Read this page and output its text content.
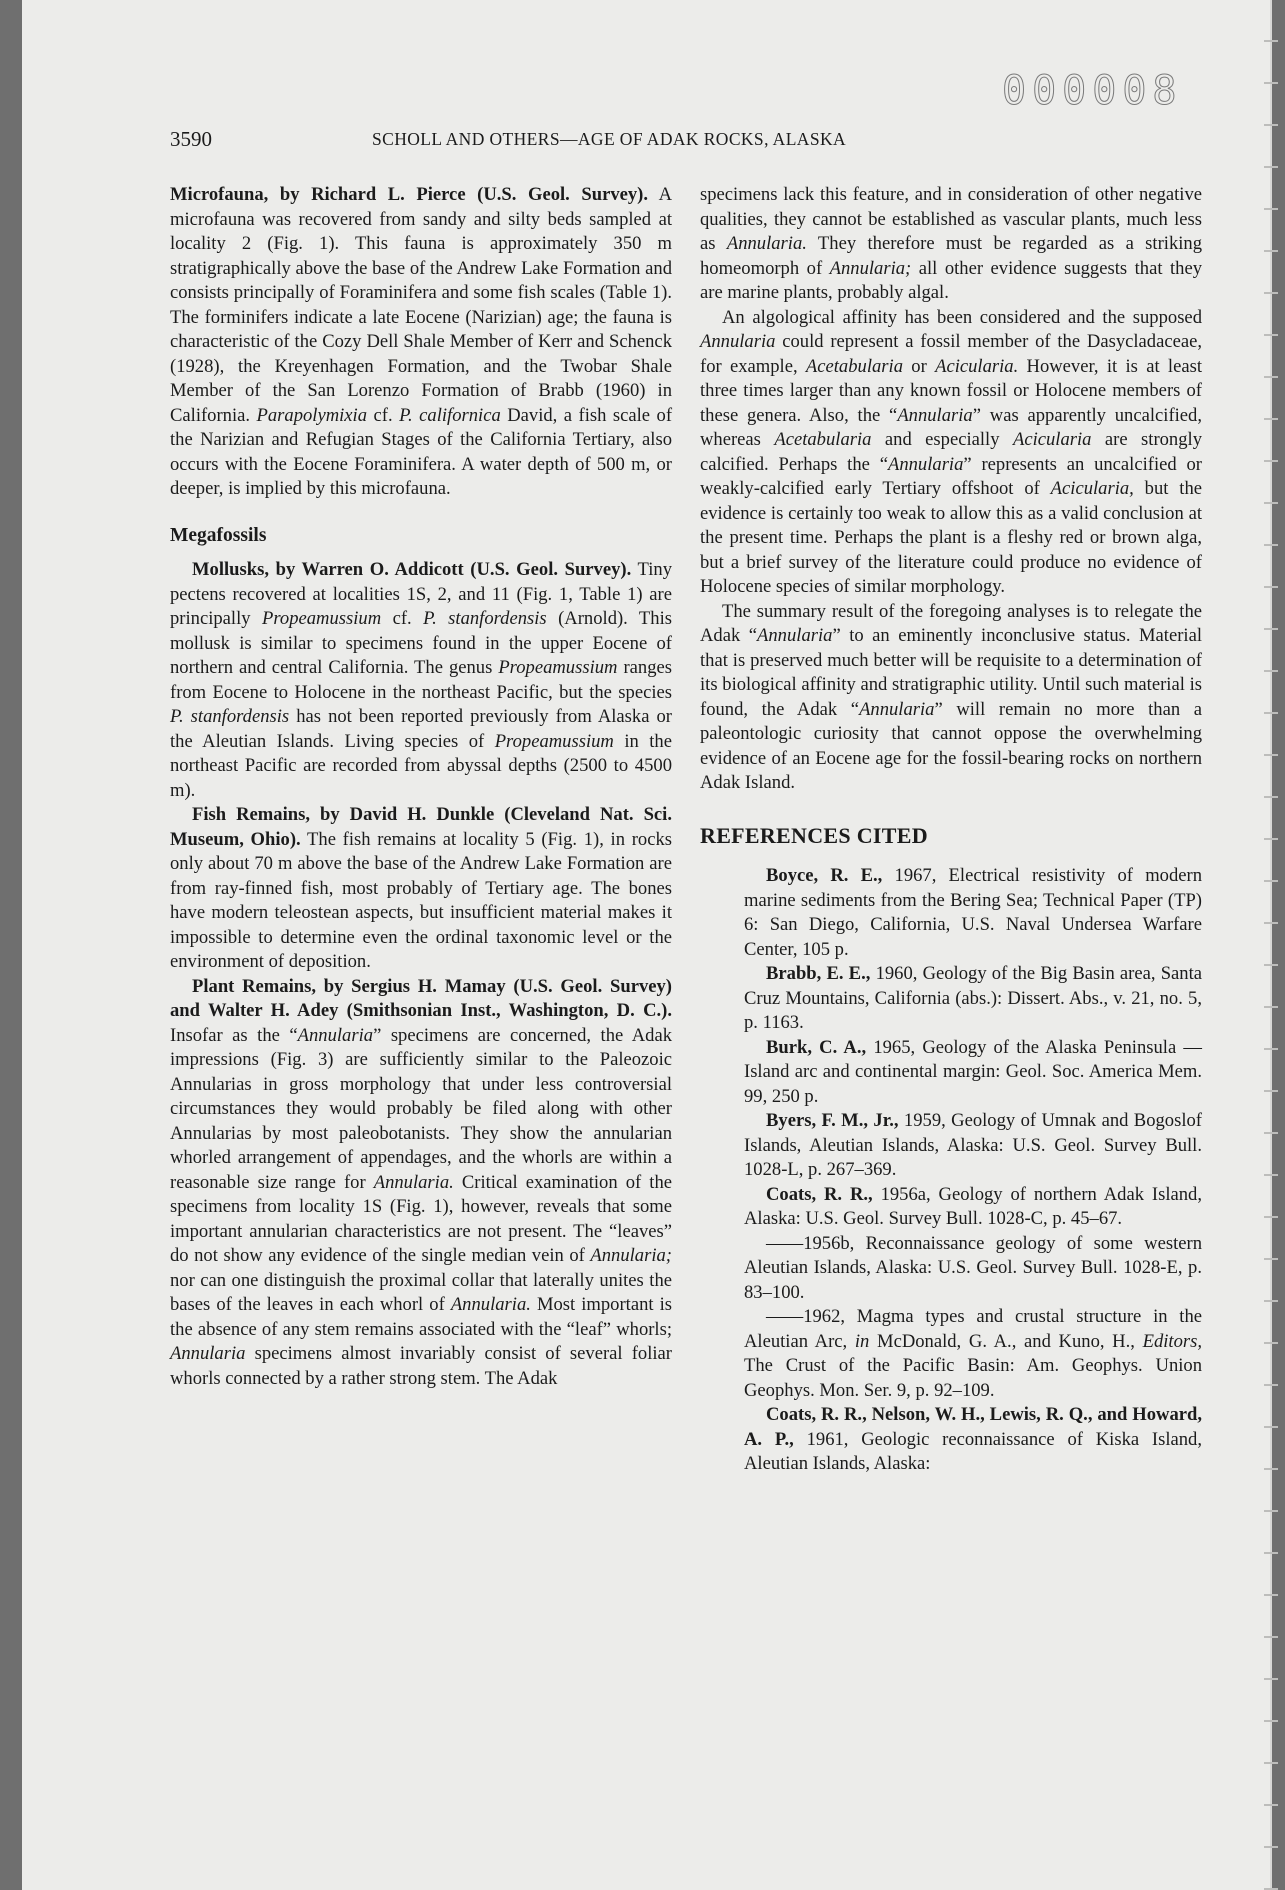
000008
3590	SCHOLL AND OTHERS—AGE OF ADAK ROCKS, ALASKA

Microfauna, by Richard L. Pierce (U.S. Geol. Survey). A microfauna was recovered from sandy and silty beds sampled at locality 2 (Fig. 1). This fauna is approximately 350 m stratigraphically above the base of the Andrew Lake Formation and consists principally of Foraminifera and some fish scales (Table 1). The forminifers indicate a late Eocene (Narizian) age; the fauna is characteristic of the Cozy Dell Shale Member of Kerr and Schenck (1928), the Kreyenhagen Formation, and the Twobar Shale Member of the San Lorenzo Formation of Brabb (1960) in California. Parapolymixia cf. P. californica David, a fish scale of the Narizian and Refugian Stages of the California Tertiary, also occurs with the Eocene Foraminifera. A water depth of 500 m, or deeper, is implied by this microfauna.

Megafossils

Mollusks, by Warren O. Addicott (U.S. Geol. Survey). Tiny pectens recovered at localities 1S, 2, and 11 (Fig. 1, Table 1) are principally Propeamussium cf. P. stanfordensis (Arnold). This mollusk is similar to specimens found in the upper Eocene of northern and central California. The genus Propeamussium ranges from Eocene to Holocene in the northeast Pacific, but the species P. stanfordensis has not been reported previously from Alaska or the Aleutian Islands. Living species of Propeamussium in the northeast Pacific are recorded from abyssal depths (2500 to 4500 m).

Fish Remains, by David H. Dunkle (Cleveland Nat. Sci. Museum, Ohio). The fish remains at locality 5 (Fig. 1), in rocks only about 70 m above the base of the Andrew Lake Formation are from ray-finned fish, most probably of Tertiary age. The bones have modern teleostean aspects, but insufficient material makes it impossible to determine even the ordinal taxonomic level or the environment of deposition.

Plant Remains, by Sergius H. Mamay (U.S. Geol. Survey) and Walter H. Adey (Smithsonian Inst., Washington, D. C.). Insofar as the “Annularia” specimens are concerned, the Adak impressions (Fig. 3) are sufficiently similar to the Paleozoic Annularias in gross morphology that under less controversial circumstances they would probably be filed along with other Annularias by most paleobotanists. They show the annularian whorled arrangement of appendages, and the whorls are within a reasonable size range for Annularia. Critical examination of the specimens from locality 1S (Fig. 1), however, reveals that some important annularian characteristics are not present. The “leaves” do not show any evidence of the single median vein of Annularia; nor can one distinguish the proximal collar that laterally unites the bases of the leaves in each whorl of Annularia. Most important is the absence of any stem remains associated with the “leaf” whorls; Annularia specimens almost invariably consist of several foliar whorls connected by a rather strong stem. The Adak

specimens lack this feature, and in consideration of other negative qualities, they cannot be established as vascular plants, much less as Annularia. They therefore must be regarded as a striking homeomorph of Annularia; all other evidence suggests that they are marine plants, probably algal.

An algological affinity has been considered and the supposed Annularia could represent a fossil member of the Dasycladaceae, for example, Acetabularia or Acicularia. However, it is at least three times larger than any known fossil or Holocene members of these genera. Also, the “Annularia” was apparently uncalcified, whereas Acetabularia and especially Acicularia are strongly calcified. Perhaps the “Annularia” represents an uncalcified or weakly-calcified early Tertiary offshoot of Acicularia, but the evidence is certainly too weak to allow this as a valid conclusion at the present time. Perhaps the plant is a fleshy red or brown alga, but a brief survey of the literature could produce no evidence of Holocene species of similar morphology.

The summary result of the foregoing analyses is to relegate the Adak “Annularia” to an eminently inconclusive status. Material that is preserved much better will be requisite to a determination of its biological affinity and stratigraphic utility. Until such material is found, the Adak “Annularia” will remain no more than a paleontologic curiosity that cannot oppose the overwhelming evidence of an Eocene age for the fossil-bearing rocks on northern Adak Island.

REFERENCES CITED

Boyce, R. E., 1967, Electrical resistivity of modern marine sediments from the Bering Sea; Technical Paper (TP) 6: San Diego, California, U.S. Naval Undersea Warfare Center, 105 p.

Brabb, E. E., 1960, Geology of the Big Basin area, Santa Cruz Mountains, California (abs.): Dissert. Abs., v. 21, no. 5, p. 1163.

Burk, C. A., 1965, Geology of the Alaska Peninsula —Island arc and continental margin: Geol. Soc. America Mem. 99, 250 p.

Byers, F. M., Jr., 1959, Geology of Umnak and Bogoslof Islands, Aleutian Islands, Alaska: U.S. Geol. Survey Bull. 1028-L, p. 267–369.

Coats, R. R., 1956a, Geology of northern Adak Island, Alaska: U.S. Geol. Survey Bull. 1028-C, p. 45–67.

——1956b, Reconnaissance geology of some western Aleutian Islands, Alaska: U.S. Geol. Survey Bull. 1028-E, p. 83–100.

——1962, Magma types and crustal structure in the Aleutian Arc, in McDonald, G. A., and Kuno, H., Editors, The Crust of the Pacific Basin: Am. Geophys. Union Geophys. Mon. Ser. 9, p. 92–109.

Coats, R. R., Nelson, W. H., Lewis, R. Q., and Howard, A. P., 1961, Geologic reconnaissance of Kiska Island, Aleutian Islands, Alaska:
